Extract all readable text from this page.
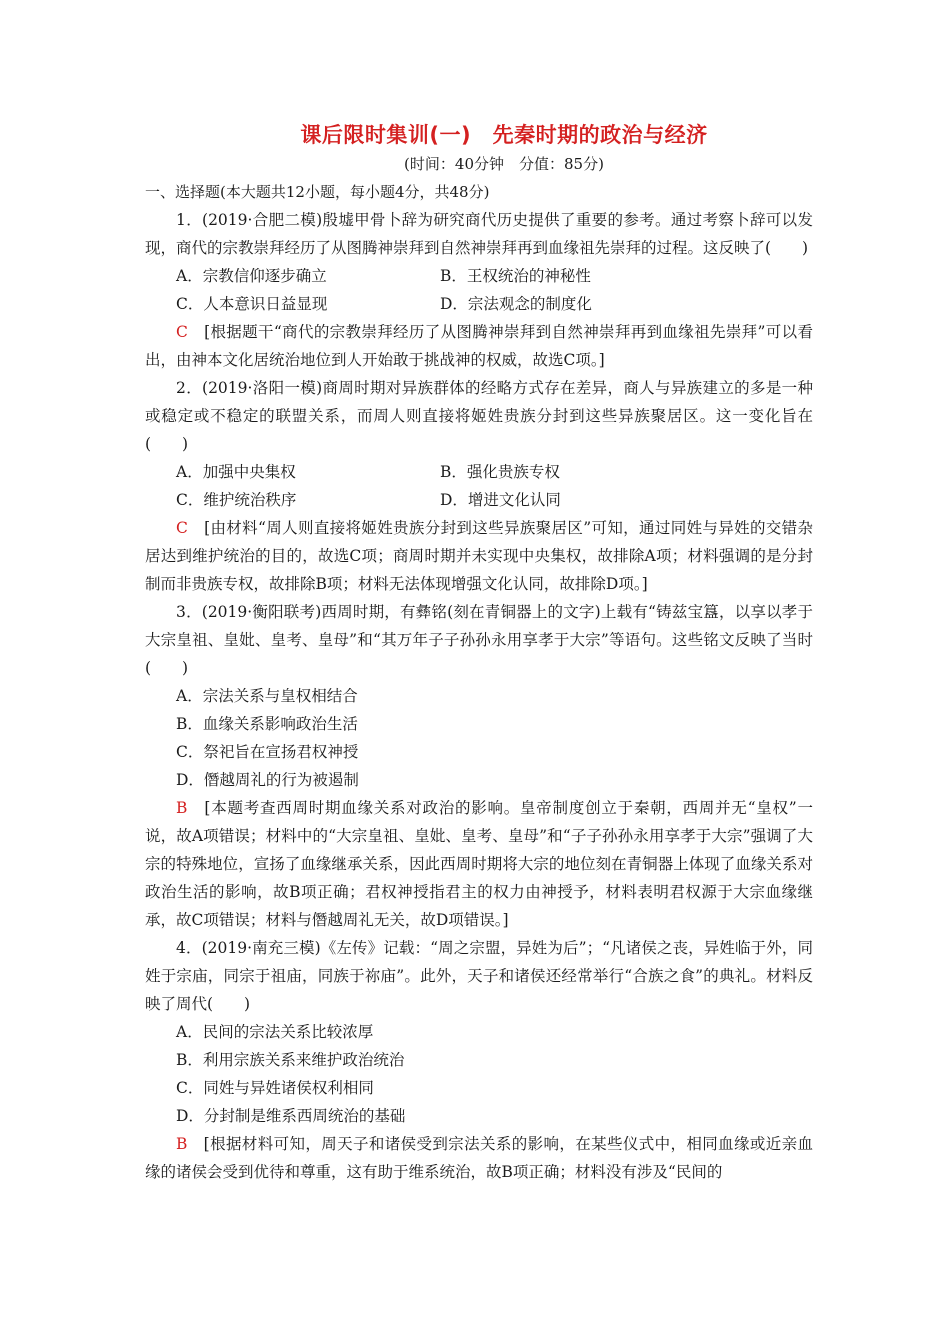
课后限时集训(一)　先秦时期的政治与经济
(时间：40分钟　分值：85分)

一、选择题(本大题共12小题，每小题4分，共48分)

1．(2019·合肥二模)殷墟甲骨卜辞为研究商代历史提供了重要的参考。通过考察卜辞可以发现，商代的宗教崇拜经历了从图腾神崇拜到自然神崇拜再到血缘祖先崇拜的过程。这反映了(　　)

A．宗教信仰逐步确立	B．王权统治的神秘性
C．人本意识日益显现	D．宗法观念的制度化

C　[根据题干“商代的宗教崇拜经历了从图腾神崇拜到自然神崇拜再到血缘祖先崇拜”可以看出，由神本文化居统治地位到人开始敢于挑战神的权威，故选C项。]

2．(2019·洛阳一模)商周时期对异族群体的经略方式存在差异，商人与异族建立的多是一种或稳定或不稳定的联盟关系，而周人则直接将姬姓贵族分封到这些异族聚居区。这一变化旨在(　　)

A．加强中央集权	B．强化贵族专权
C．维护统治秩序	D．增进文化认同

C　[由材料“周人则直接将姬姓贵族分封到这些异族聚居区”可知，通过同姓与异姓的交错杂居达到维护统治的目的，故选C项；商周时期并未实现中央集权，故排除A项；材料强调的是分封制而非贵族专权，故排除B项；材料无法体现增强文化认同，故排除D项。]

3．(2019·衡阳联考)西周时期，有彝铭(刻在青铜器上的文字)上载有“铸兹宝簋，以享以孝于大宗皇祖、皇妣、皇考、皇母”和“其万年子子孙孙永用享孝于大宗”等语句。这些铭文反映了当时(　　)

A．宗法关系与皇权相结合
B．血缘关系影响政治生活
C．祭祀旨在宣扬君权神授
D．僭越周礼的行为被遏制

B　[本题考查西周时期血缘关系对政治的影响。皇帝制度创立于秦朝，西周并无“皇权”一说，故A项错误；材料中的“大宗皇祖、皇妣、皇考、皇母”和“子子孙孙永用享孝于大宗”强调了大宗的特殊地位，宣扬了血缘继承关系，因此西周时期将大宗的地位刻在青铜器上体现了血缘关系对政治生活的影响，故B项正确；君权神授指君主的权力由神授予，材料表明君权源于大宗血缘继承，故C项错误；材料与僭越周礼无关，故D项错误。]

4．(2019·南充三模)《左传》记载：“周之宗盟，异姓为后”；“凡诸侯之丧，异姓临于外，同姓于宗庙，同宗于祖庙，同族于祢庙”。此外，天子和诸侯还经常举行“合族之食”的典礼。材料反映了周代(　　)

A．民间的宗法关系比较浓厚
B．利用宗族关系来维护政治统治
C．同姓与异姓诸侯权利相同
D．分封制是维系西周统治的基础

B　[根据材料可知，周天子和诸侯受到宗法关系的影响，在某些仪式中，相同血缘或近亲血缘的诸侯会受到优待和尊重，这有助于维系统治，故B项正确；材料没有涉及“民间的
